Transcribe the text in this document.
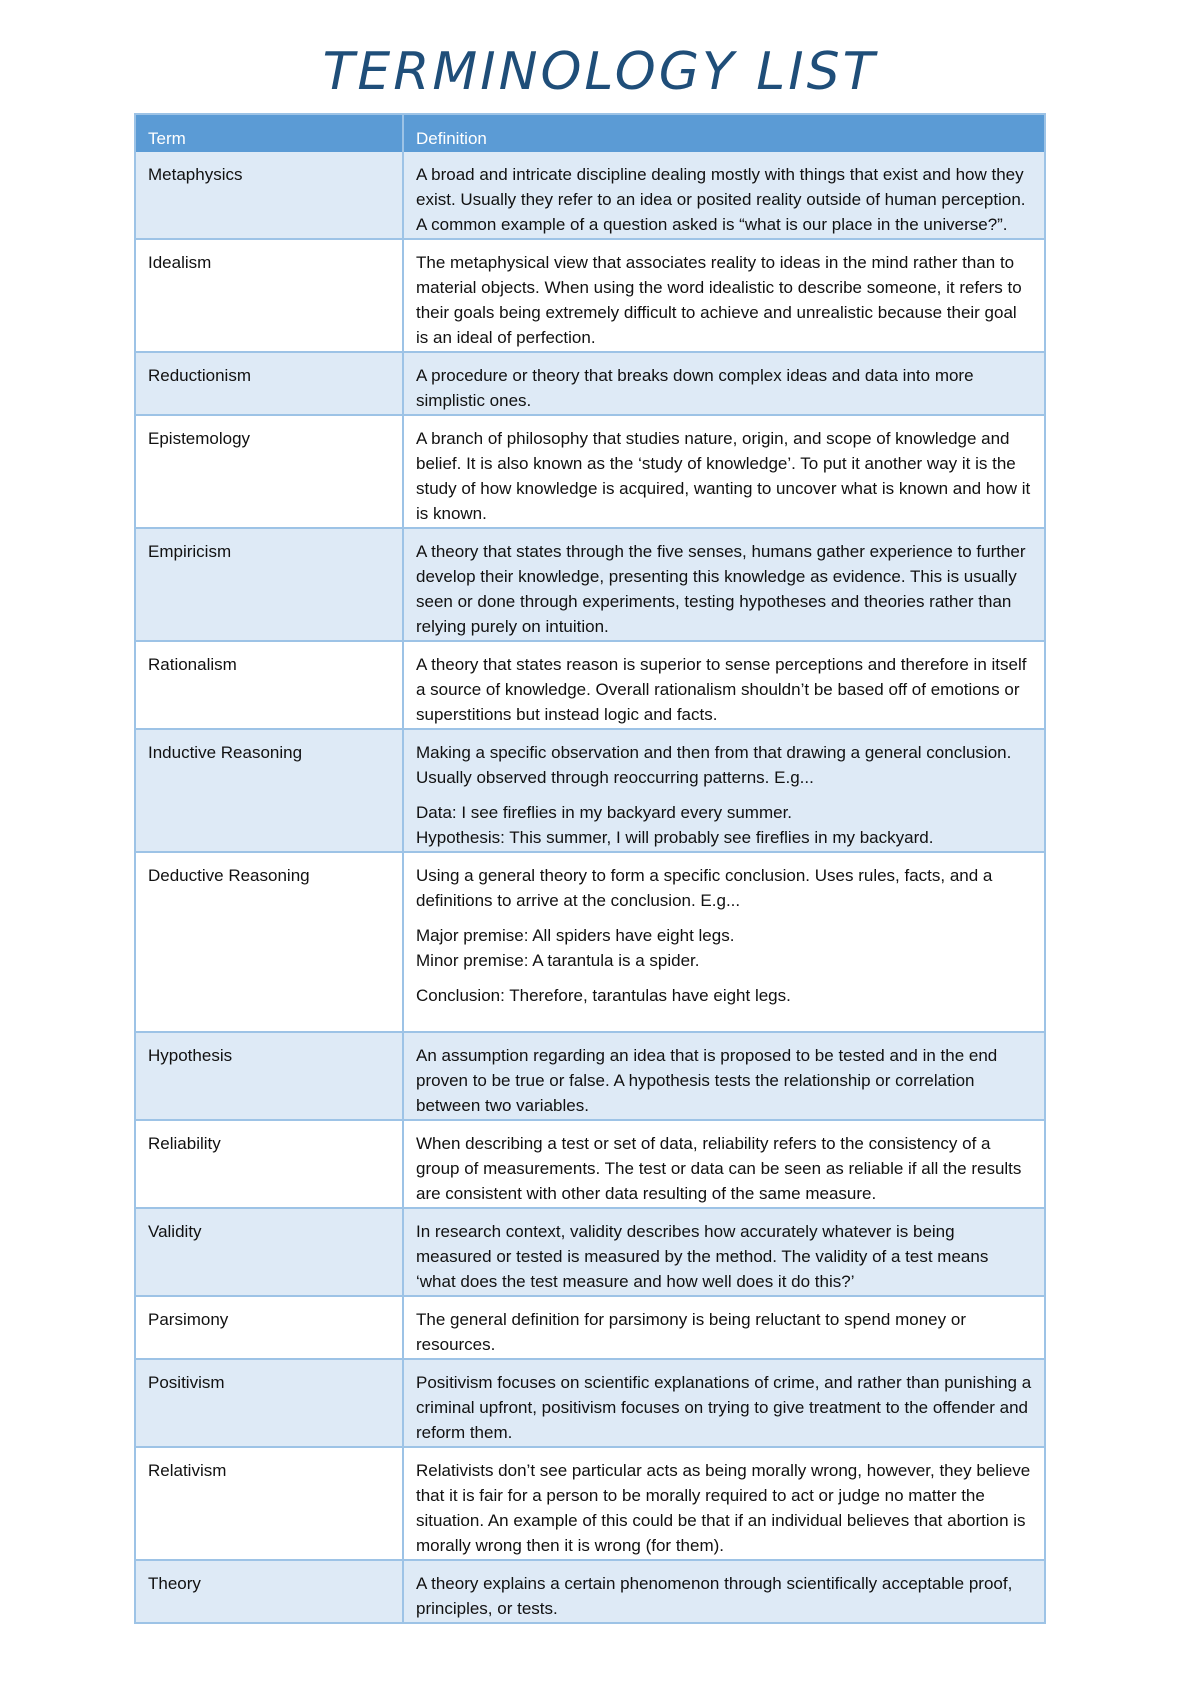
TERMINOLOGY LIST
Term	Definition
Metaphysics	A broad and intricate discipline dealing mostly with things that exist and how they exist. Usually they refer to an idea or posited reality outside of human perception. A common example of a question asked is “what is our place in the universe?”.
Idealism	The metaphysical view that associates reality to ideas in the mind rather than to material objects. When using the word idealistic to describe someone, it refers to their goals being extremely difficult to achieve and unrealistic because their goal is an ideal of perfection.
Reductionism	A procedure or theory that breaks down complex ideas and data into more simplistic ones.
Epistemology	A branch of philosophy that studies nature, origin, and scope of knowledge and belief. It is also known as the ‘study of knowledge’. To put it another way it is the study of how knowledge is acquired, wanting to uncover what is known and how it is known.
Empiricism	A theory that states through the five senses, humans gather experience to further develop their knowledge, presenting this knowledge as evidence. This is usually seen or done through experiments, testing hypotheses and theories rather than relying purely on intuition.
Rationalism	A theory that states reason is superior to sense perceptions and therefore in itself a source of knowledge. Overall rationalism shouldn’t be based off of emotions or superstitions but instead logic and facts.
Inductive Reasoning	Making a specific observation and then from that drawing a general conclusion. Usually observed through reoccurring patterns. E.g...

Data: I see fireflies in my backyard every summer.
Hypothesis: This summer, I will probably see fireflies in my backyard.

Deductive Reasoning	Using a general theory to form a specific conclusion. Uses rules, facts, and a definitions to arrive at the conclusion. E.g...

Major premise: All spiders have eight legs.
Minor premise: A tarantula is a spider.

Conclusion: Therefore, tarantulas have eight legs.

Hypothesis	An assumption regarding an idea that is proposed to be tested and in the end proven to be true or false. A hypothesis tests the relationship or correlation between two variables.
Reliability	When describing a test or set of data, reliability refers to the consistency of a group of measurements. The test or data can be seen as reliable if all the results are consistent with other data resulting of the same measure.
Validity	In research context, validity describes how accurately whatever is being measured or tested is measured by the method. The validity of a test means ‘what does the test measure and how well does it do this?’
Parsimony	The general definition for parsimony is being reluctant to spend money or resources.
Positivism	Positivism focuses on scientific explanations of crime, and rather than punishing a criminal upfront, positivism focuses on trying to give treatment to the offender and reform them.
Relativism	Relativists don’t see particular acts as being morally wrong, however, they believe that it is fair for a person to be morally required to act or judge no matter the situation. An example of this could be that if an individual believes that abortion is morally wrong then it is wrong (for them).
Theory	A theory explains a certain phenomenon through scientifically acceptable proof, principles, or tests.
